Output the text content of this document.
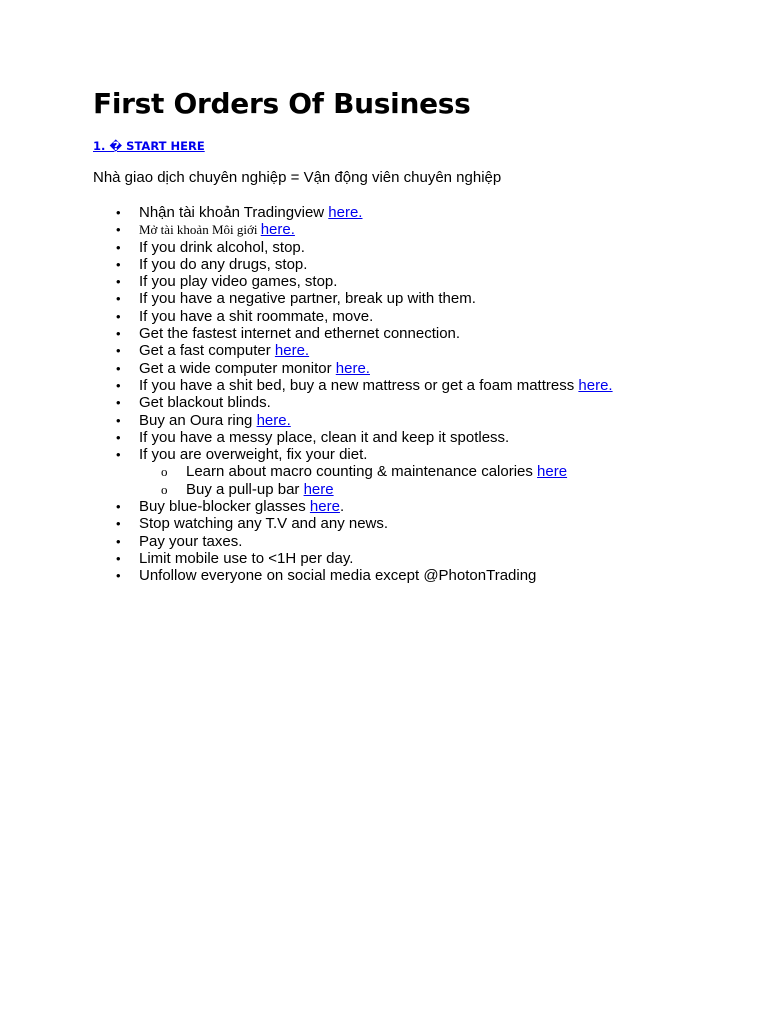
First Orders Of Business
1. � START HERE
Nhà giao dịch chuyên nghiệp = Vận động viên chuyên nghiệp
• Nhận tài khoản Tradingview here.
• Mở tài khoản Môi giới here.
• If you drink alcohol, stop.
• If you do any drugs, stop.
• If you play video games, stop.
• If you have a negative partner, break up with them.
• If you have a shit roommate, move.
• Get the fastest internet and ethernet connection.
• Get a fast computer here.
• Get a wide computer monitor here.
• If you have a shit bed, buy a new mattress or get a foam mattress here.
• Get blackout blinds.
• Buy an Oura ring here.
• If you have a messy place, clean it and keep it spotless.
• If you are overweight, fix your diet.
o Learn about macro counting & maintenance calories here
o Buy a pull-up bar here
• Buy blue-blocker glasses here.
• Stop watching any T.V and any news.
• Pay your taxes.
• Limit mobile use to <1H per day.
• Unfollow everyone on social media except @PhotonTrading
